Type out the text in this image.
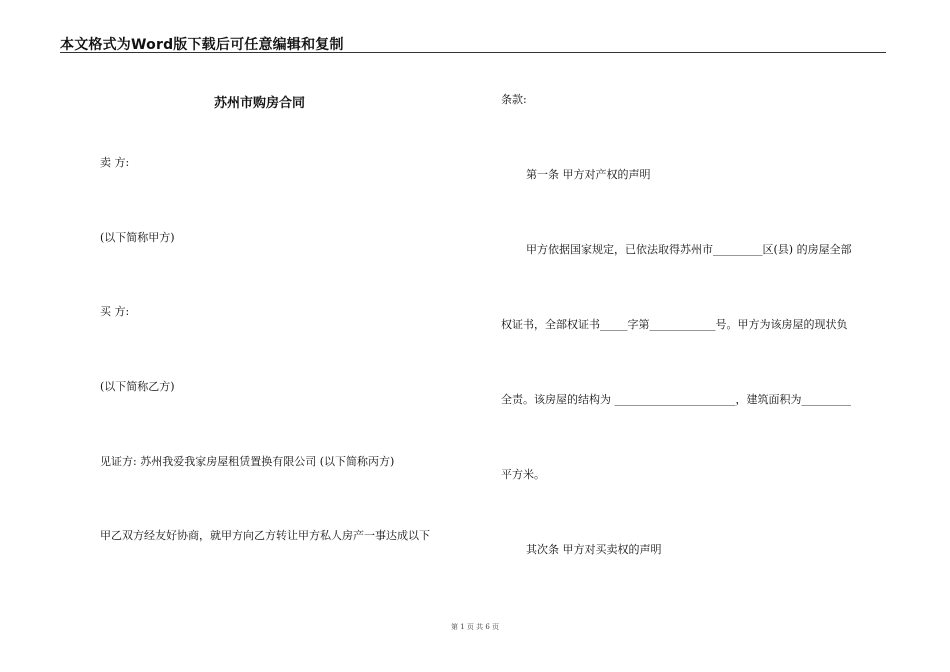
本文格式为Word版下载后可任意编辑和复制
苏州市购房合同
卖 方:
(以下简称甲方)
买 方:
(以下简称乙方)
见证方: 苏州我爱我家房屋租赁置换有限公司 (以下简称丙方)
甲乙双方经友好协商，就甲方向乙方转让甲方私人房产一事达成以下
条款:
第一条 甲方对产权的声明
甲方依据国家规定，已依法取得苏州市_________区(县) 的房屋全部
权证书，全部权证书_____字第____________号。甲方为该房屋的现状负
全责。该房屋的结构为 ______________________，建筑面积为_________
平方米。
其次条 甲方对买卖权的声明
第 1 页 共 6 页
